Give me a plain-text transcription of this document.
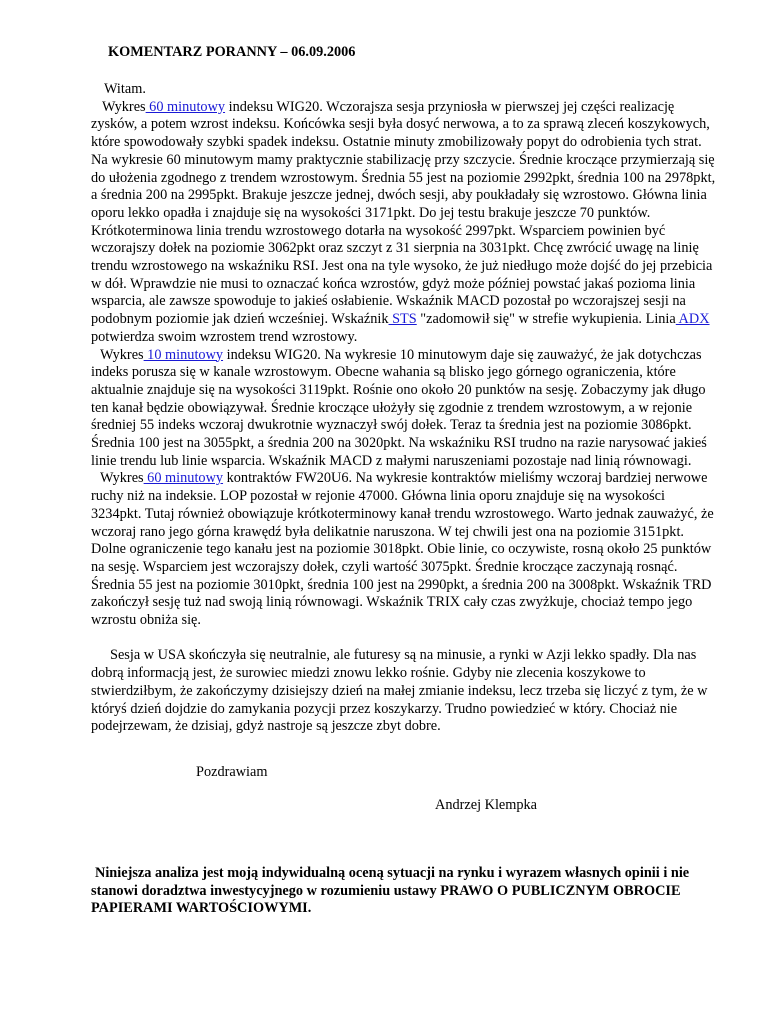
KOMENTARZ PORANNY – 06.09.2006

Witam.

Wykres 60 minutowy indeksu WIG20. Wczorajsza sesja przyniosła w pierwszej jej części realizację zysków, a potem wzrost indeksu. Końcówka sesji była dosyć nerwowa, a to za sprawą zleceń koszykowych, które spowodowały szybki spadek indeksu. Ostatnie minuty zmobilizowały popyt do odrobienia tych strat. Na wykresie 60 minutowym mamy praktycznie stabilizację przy szczycie. Średnie kroczące przymierzają się do ułożenia zgodnego z trendem wzrostowym. Średnia 55 jest na poziomie 2992pkt, średnia 100 na 2978pkt, a średnia 200 na 2995pkt. Brakuje jeszcze jednej, dwóch sesji, aby poukładały się wzrostowo. Główna linia oporu lekko opadła i znajduje się na wysokości 3171pkt. Do jej testu brakuje jeszcze 70 punktów. Krótkoterminowa linia trendu wzrostowego dotarła na wysokość 2997pkt. Wsparciem powinien być wczorajszy dołek na poziomie 3062pkt oraz szczyt z 31 sierpnia na 3031pkt. Chcę zwrócić uwagę na linię trendu wzrostowego na wskaźniku RSI. Jest ona na tyle wysoko, że już niedługo może dojść do jej przebicia w dół. Wprawdzie nie musi to oznaczać końca wzrostów, gdyż może później powstać jakaś pozioma linia wsparcia, ale zawsze spowoduje to jakieś osłabienie. Wskaźnik MACD pozostał po wczorajszej sesji na podobnym poziomie jak dzień wcześniej. Wskaźnik STS "zadomowił się" w strefie wykupienia. Linia ADX potwierdza swoim wzrostem trend wzrostowy.

Wykres 10 minutowy indeksu WIG20. Na wykresie 10 minutowym daje się zauważyć, że jak dotychczas indeks porusza się w kanale wzrostowym. Obecne wahania są blisko jego górnego ograniczenia, które aktualnie znajduje się na wysokości 3119pkt. Rośnie ono około 20 punktów na sesję. Zobaczymy jak długo ten kanał będzie obowiązywał. Średnie kroczące ułożyły się zgodnie z trendem wzrostowym, a w rejonie średniej 55 indeks wczoraj dwukrotnie wyznaczył swój dołek. Teraz ta średnia jest na poziomie 3086pkt. Średnia 100 jest na 3055pkt, a średnia 200 na 3020pkt. Na wskaźniku RSI trudno na razie narysować jakieś linie trendu lub linie wsparcia. Wskaźnik MACD z małymi naruszeniami pozostaje nad linią równowagi.

Wykres 60 minutowy kontraktów FW20U6. Na wykresie kontraktów mieliśmy wczoraj bardziej nerwowe ruchy niż na indeksie. LOP pozostał w rejonie 47000. Główna linia oporu znajduje się na wysokości 3234pkt. Tutaj również obowiązuje krótkoterminowy kanał trendu wzrostowego. Warto jednak zauważyć, że wczoraj rano jego górna krawędź była delikatnie naruszona. W tej chwili jest ona na poziomie 3151pkt. Dolne ograniczenie tego kanału jest na poziomie 3018pkt. Obie linie, co oczywiste, rosną około 25 punktów na sesję. Wsparciem jest wczorajszy dołek, czyli wartość 3075pkt. Średnie kroczące zaczynają rosnąć. Średnia 55 jest na poziomie 3010pkt, średnia 100 jest na 2990pkt, a średnia 200 na 3008pkt. Wskaźnik TRD zakończył sesję tuż nad swoją linią równowagi. Wskaźnik TRIX cały czas zwyżkuje, chociaż tempo jego wzrostu obniża się.

Sesja w USA skończyła się neutralnie, ale futuresy są na minusie, a rynki w Azji lekko spadły. Dla nas dobrą informacją jest, że surowiec miedzi znowu lekko rośnie. Gdyby nie zlecenia koszykowe to stwierdziłbym, że zakończymy dzisiejszy dzień na małej zmianie indeksu, lecz trzeba się liczyć z tym, że w któryś dzień dojdzie do zamykania pozycji przez koszykarzy. Trudno powiedzieć w który. Chociaż nie podejrzewam, że dzisiaj, gdyż nastroje są jeszcze zbyt dobre.

Pozdrawiam
Andrzej Klempka
Niniejsza analiza jest moją indywidualną oceną sytuacji na rynku i wyrazem własnych opinii i nie stanowi doradztwa inwestycyjnego w rozumieniu ustawy PRAWO O PUBLICZNYM OBROCIE PAPIERAMI WARTOŚCIOWYMI.
